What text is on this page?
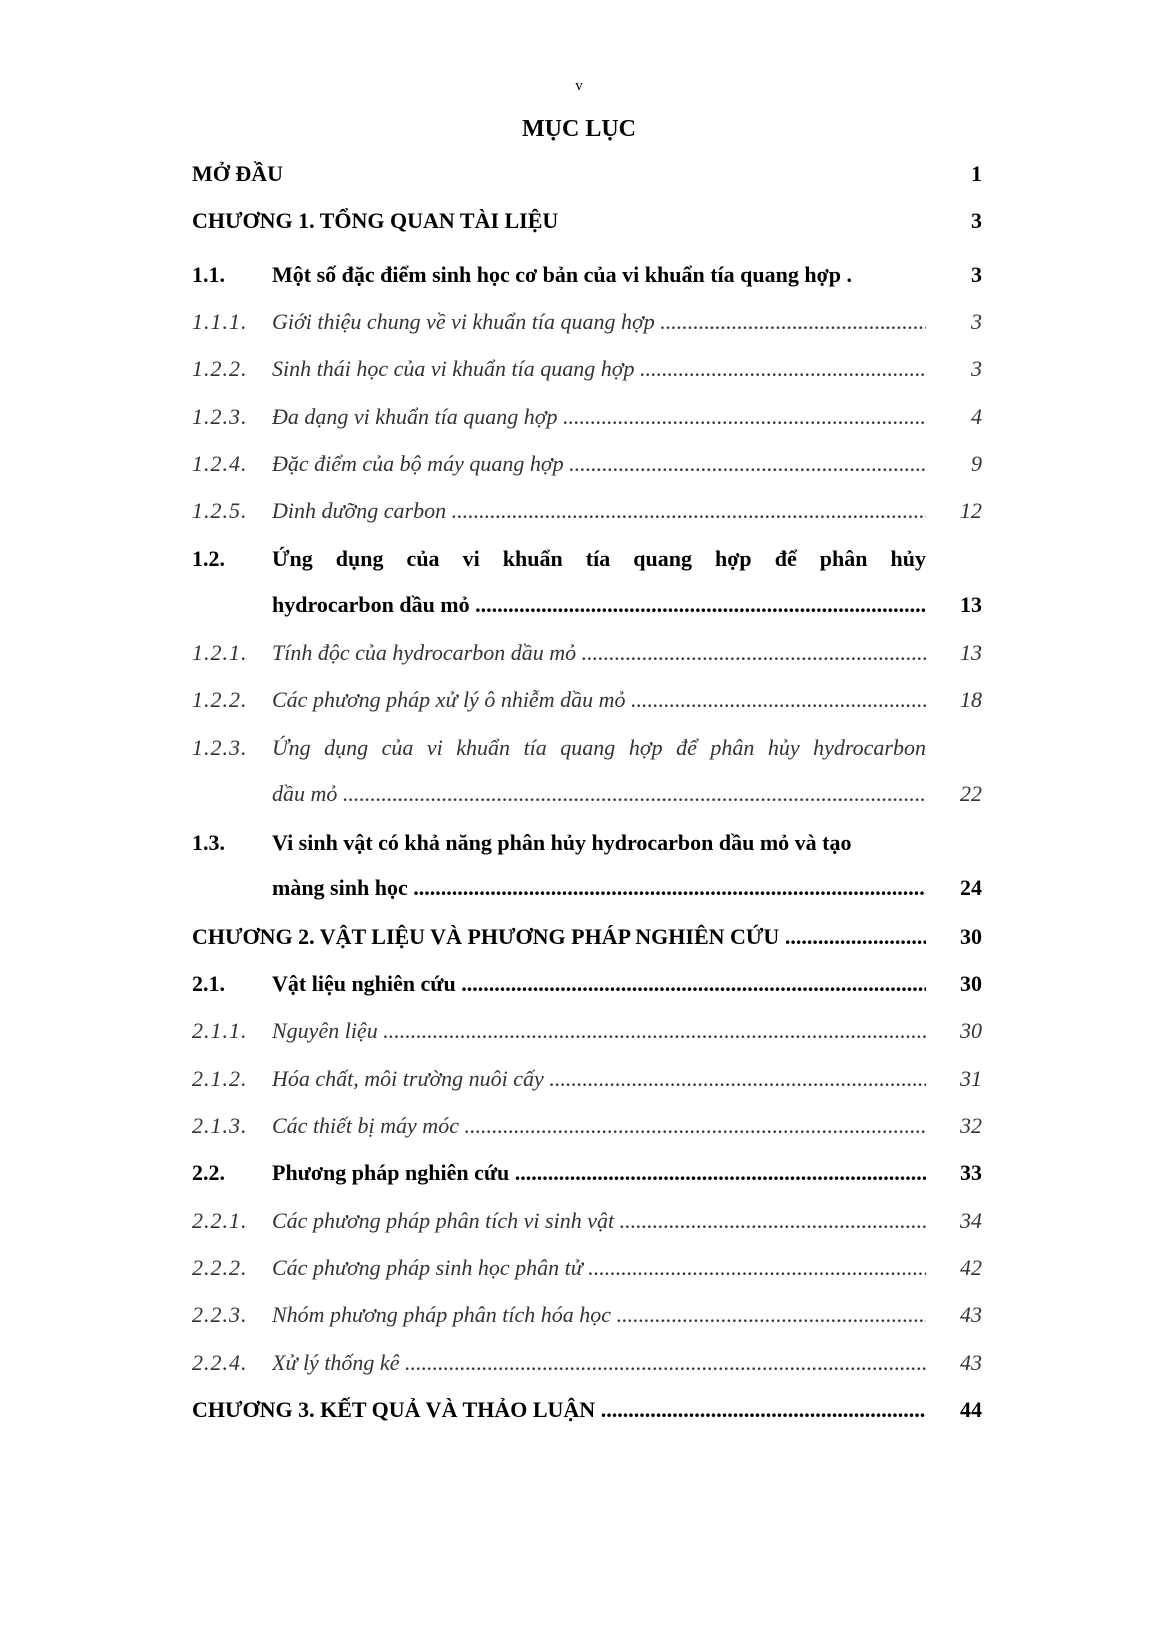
v
MỤC LỤC
MỞ ĐẦU	1
CHƯƠNG 1. TỔNG QUAN TÀI LIỆU	3
1.1. Một số đặc điểm sinh học cơ bản của vi khuẩn tía quang hợp .	3
1.1.1. Giới thiệu chung về vi khuẩn tía quang hợp .....	3
1.2.2. Sinh thái học của vi khuẩn tía quang hợp .....	3
1.2.3. Đa dạng vi khuẩn tía quang hợp .....	4
1.2.4. Đặc điểm của bộ máy quang hợp .....	9
1.2.5. Dinh dưỡng carbon .....	12
1.2. Ứng dụng của vi khuẩn tía quang hợp để phân hủy
hydrocarbon dầu mỏ .....	13
1.2.1. Tính độc của hydrocarbon dầu mỏ .....	13
1.2.2. Các phương pháp xử lý ô nhiễm dầu mỏ .....	18
1.2.3. Ứng dụng của vi khuẩn tía quang hợp để phân hủy hydrocarbon
dầu mỏ .....	22
1.3. Vi sinh vật có khả năng phân hủy hydrocarbon dầu mỏ và tạo
màng sinh học .....	24
CHƯƠNG 2. VẬT LIỆU VÀ PHƯƠNG PHÁP NGHIÊN CỨU .....	30
2.1. Vật liệu nghiên cứu .....	30
2.1.1. Nguyên liệu .....	30
2.1.2. Hóa chất, môi trường nuôi cấy .....	31
2.1.3. Các thiết bị máy móc .....	32
2.2. Phương pháp nghiên cứu .....	33
2.2.1. Các phương pháp phân tích vi sinh vật .....	34
2.2.2. Các phương pháp sinh học phân tử .....	42
2.2.3. Nhóm phương pháp phân tích hóa học .....	43
2.2.4. Xử lý thống kê .....	43
CHƯƠNG 3. KẾT QUẢ VÀ THẢO LUẬN .....	44
